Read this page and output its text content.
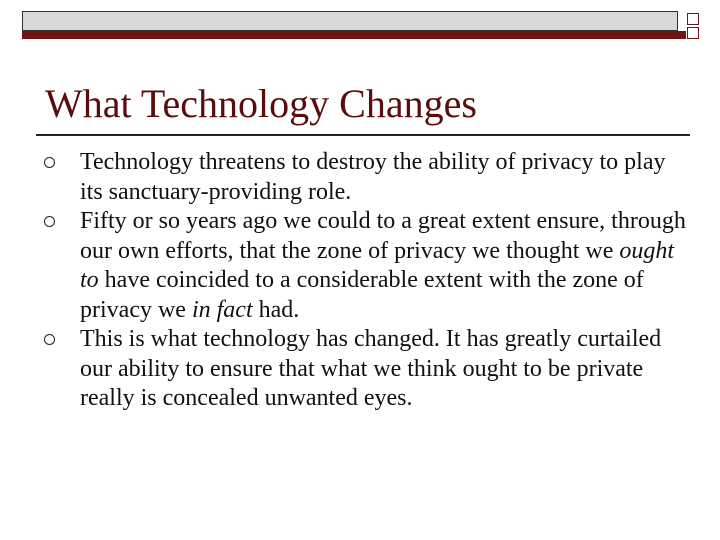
What Technology Changes
Technology threatens to destroy the ability of privacy to play its sanctuary-providing role.
Fifty or so years ago we could to a great extent ensure, through our own efforts, that the zone of privacy we thought we ought to have coincided to a considerable extent with the zone of privacy we in fact had.
This is what technology has changed. It has greatly curtailed our ability to ensure that what we think ought to be private really is concealed unwanted eyes.
